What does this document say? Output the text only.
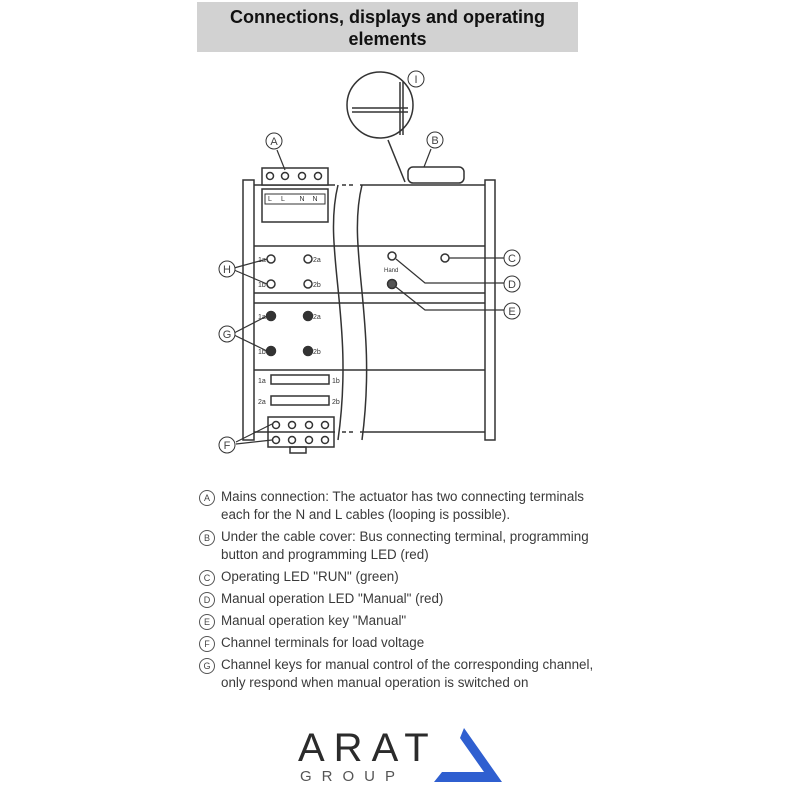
Connections, displays and operating elements
L L N N
1a
1b
2a
2b
Hand
1a
1b
2a
2b
1a	1b
2a	2b
A	B
C
D
E
F
G
H
I
A Mains connection: The actuator has two connecting terminals each for the N and L cables (looping is possible).
B Under the cable cover: Bus connecting terminal, programming button and programming LED (red)
C Operating LED "RUN" (green)
D Manual operation LED "Manual" (red)
E Manual operation key "Manual"
F Channel terminals for load voltage
G Channel keys for manual control of the corresponding channel, only respond when manual operation is switched on
ARAT
GROUP
